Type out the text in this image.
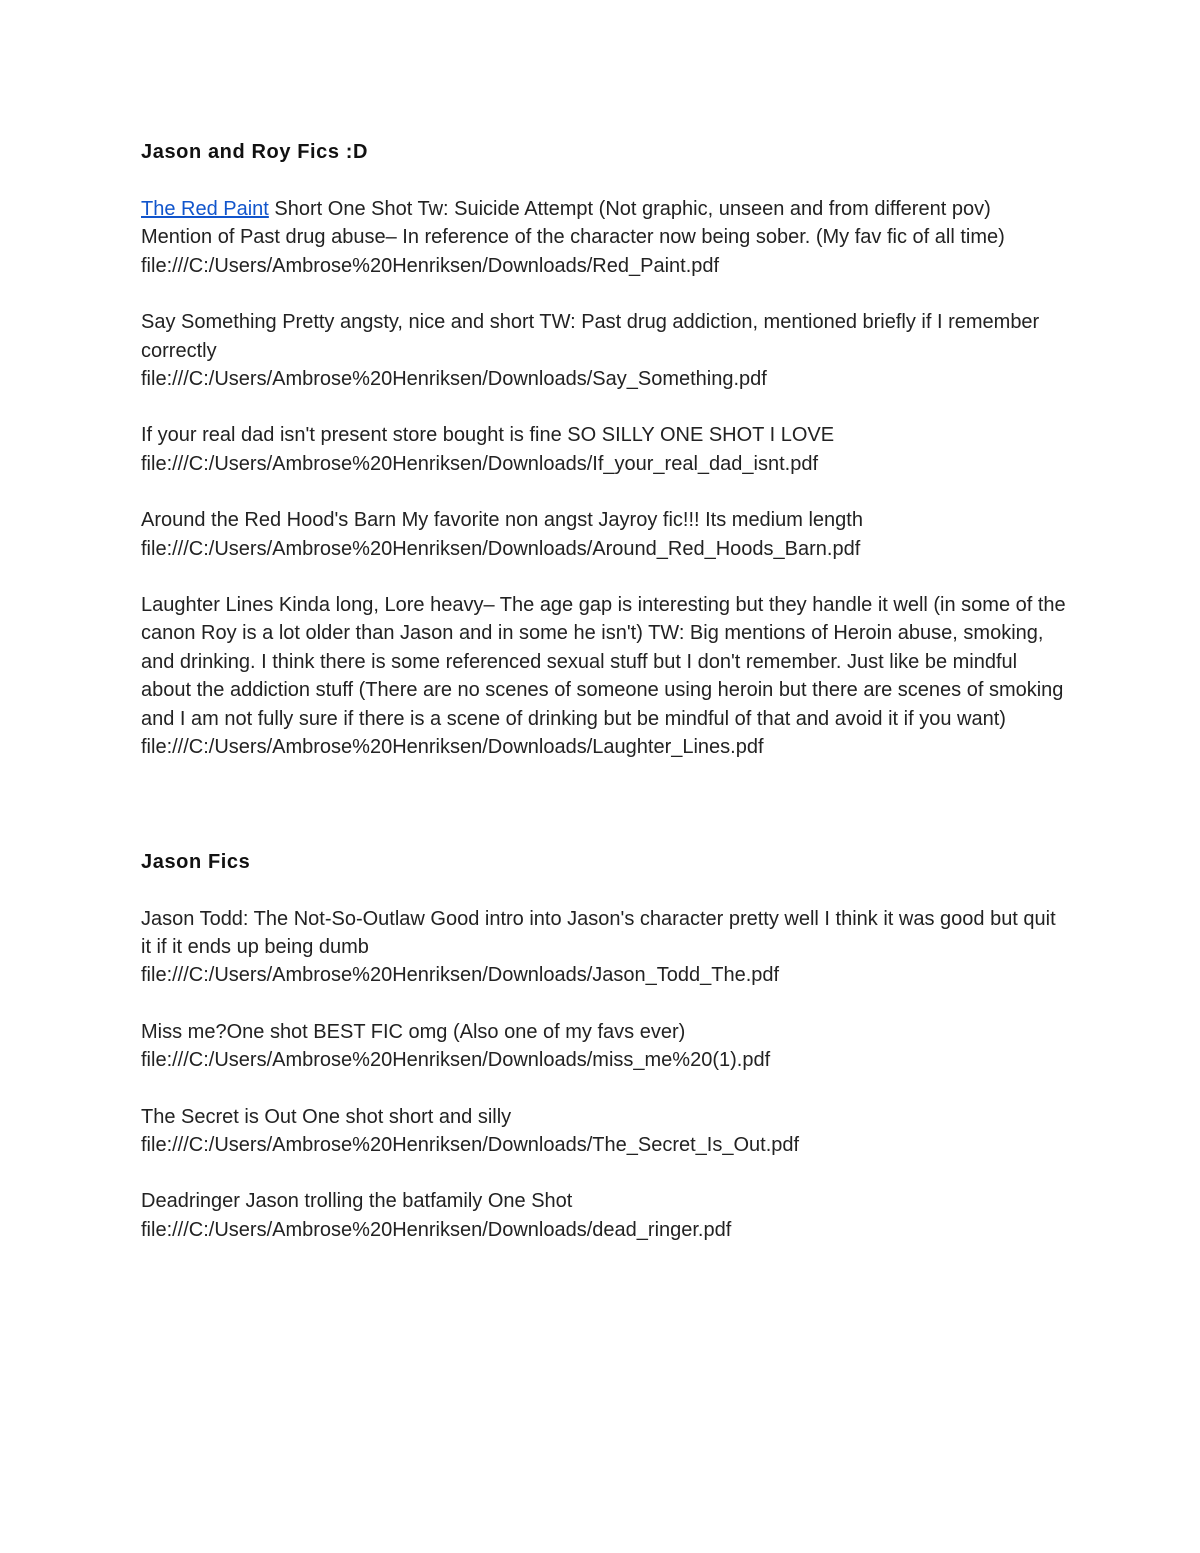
Jason and Roy Fics :D

The Red Paint Short One Shot Tw: Suicide Attempt (Not graphic, unseen and from different pov) Mention of Past drug abuse– In reference of the character now being sober. (My fav fic of all time) file:///C:/Users/Ambrose%20Henriksen/Downloads/Red_Paint.pdf

Say Something Pretty angsty, nice and short TW: Past drug addiction, mentioned briefly if I remember correctly
file:///C:/Users/Ambrose%20Henriksen/Downloads/Say_Something.pdf

If your real dad isn't present store bought is fine SO SILLY ONE SHOT I LOVE
file:///C:/Users/Ambrose%20Henriksen/Downloads/If_your_real_dad_isnt.pdf

Around the Red Hood's Barn My favorite non angst Jayroy fic!!! Its medium length
file:///C:/Users/Ambrose%20Henriksen/Downloads/Around_Red_Hoods_Barn.pdf

Laughter Lines Kinda long, Lore heavy– The age gap is interesting but they handle it well (in some of the canon Roy is a lot older than Jason and in some he isn't) TW: Big mentions of Heroin abuse, smoking, and drinking. I think there is some referenced sexual stuff but I don't remember. Just like be mindful about the addiction stuff (There are no scenes of someone using heroin but there are scenes of smoking and I am not fully sure if there is a scene of drinking but be mindful of that and avoid it if you want)
file:///C:/Users/Ambrose%20Henriksen/Downloads/Laughter_Lines.pdf

Jason Fics

Jason Todd: The Not-So-Outlaw Good intro into Jason's character pretty well I think it was good but quit it if it ends up being dumb
file:///C:/Users/Ambrose%20Henriksen/Downloads/Jason_Todd_The.pdf

Miss me?One shot BEST FIC omg (Also one of my favs ever)
file:///C:/Users/Ambrose%20Henriksen/Downloads/miss_me%20(1).pdf

The Secret is Out One shot short and silly
file:///C:/Users/Ambrose%20Henriksen/Downloads/The_Secret_Is_Out.pdf

Deadringer Jason trolling the batfamily One Shot
file:///C:/Users/Ambrose%20Henriksen/Downloads/dead_ringer.pdf
